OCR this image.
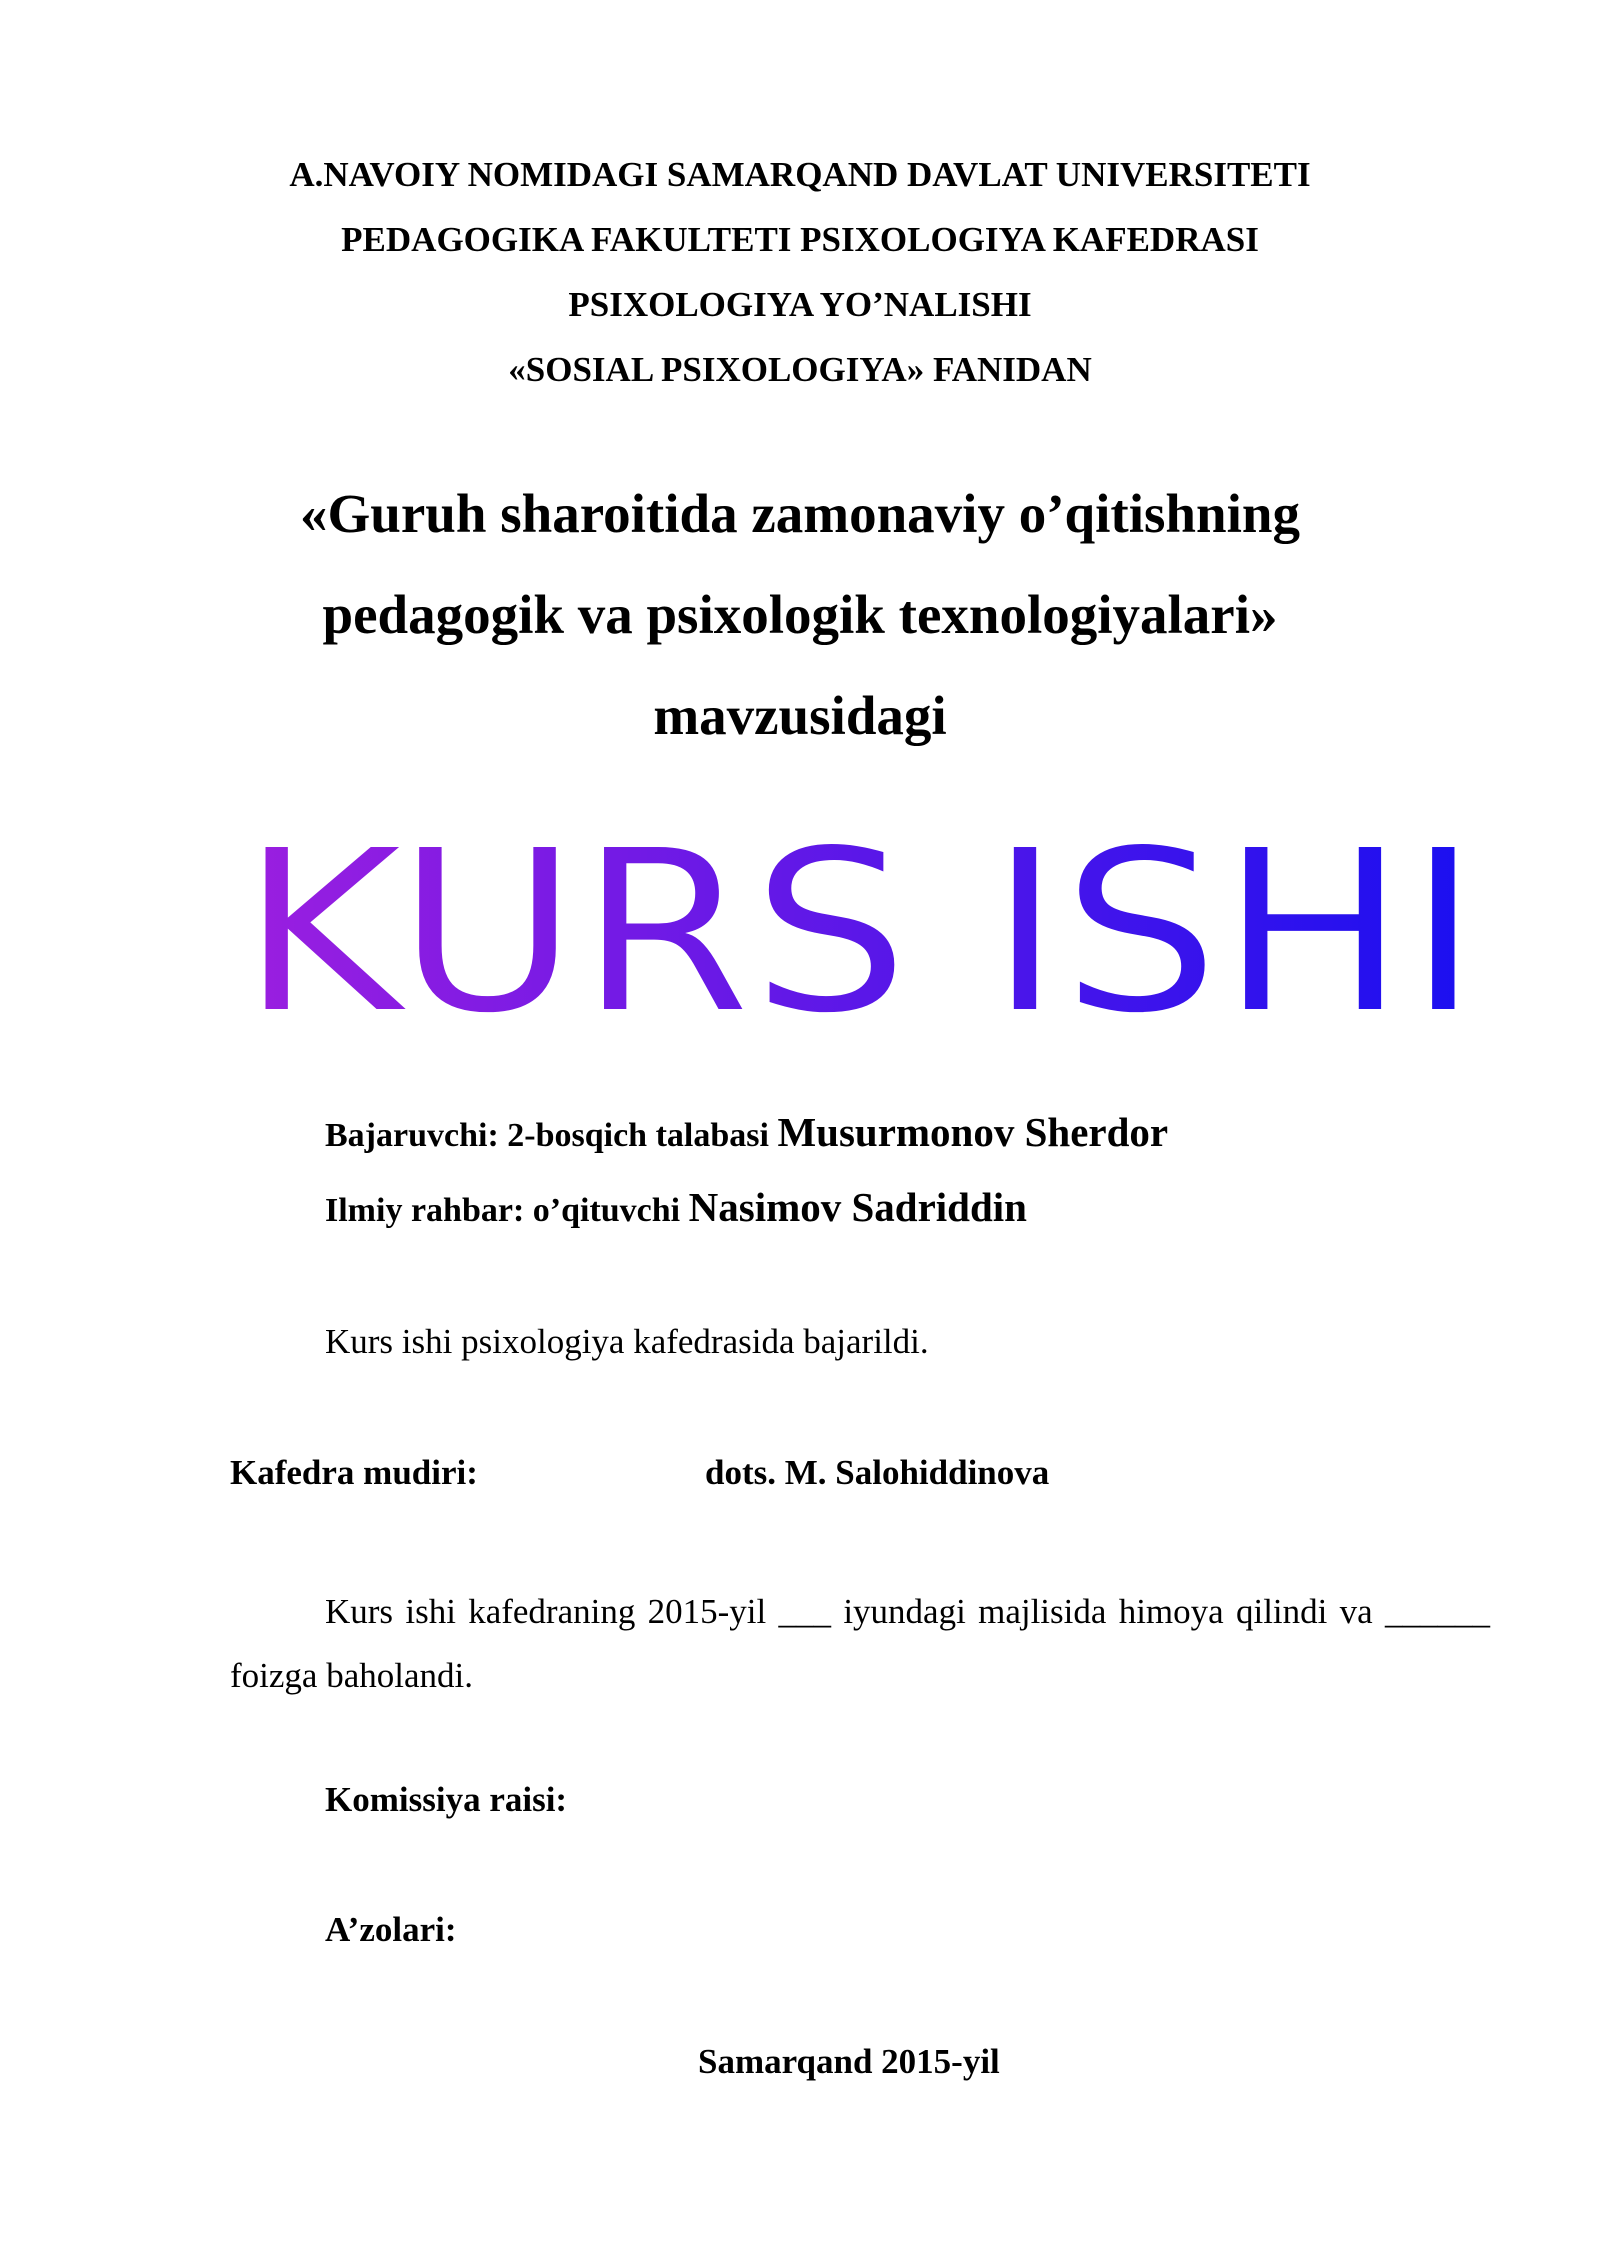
A.NAVOIY NOMIDAGI SAMARQAND DAVLAT UNIVERSITETI
PEDAGOGIKA FAKULTETI PSIXOLOGIYA KAFEDRASI
PSIXOLOGIYA YO’NALISHI
«SOSIAL PSIXOLOGIYA» FANIDAN
«Guruh sharoitida zamonaviy o’qitishning
pedagogik va psixologik texnologiyalari»
mavzusidagi
KURS ISHI
Bajaruvchi: 2-bosqich talabasi Musurmonov Sherdor
Ilmiy rahbar: o’qituvchi Nasimov Sadriddin
Kurs ishi psixologiya kafedrasida bajarildi.
Kafedra mudiri:	dots. M. Salohiddinova
Kurs ishi kafedraning 2015-yil ___ iyundagi majlisida himoya qilindi va ______ foizga baholandi.
Komissiya raisi:
A’zolari:
Samarqand 2015-yil
